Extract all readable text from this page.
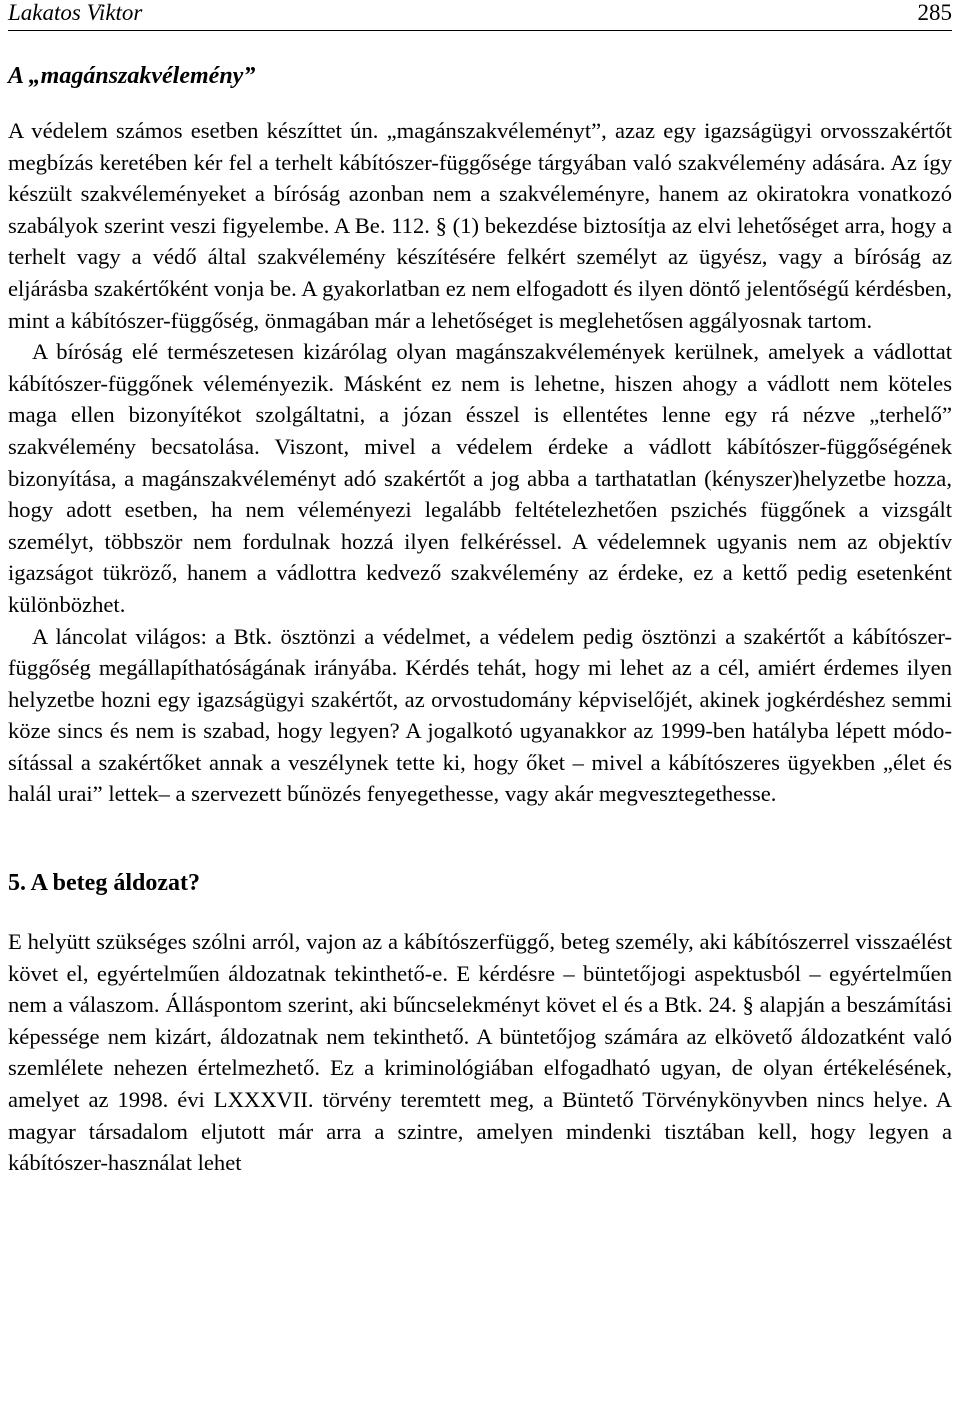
Lakatos Viktor	285
A „magánszakvélemény”

A védelem számos esetben készíttet ún. „magánszakvéleményt”, azaz egy igazságügyi orvosszakértőt megbízás keretében kér fel a terhelt kábítószer-függősége tárgyában való szakvélemény adására. Az így készült szakvéleményeket a bíróság azonban nem a szakvéleményre, hanem az okiratokra vonatkozó szabályok szerint veszi figyelembe. A Be. 112. § (1) bekezdése biztosítja az elvi lehetőséget arra, hogy a terhelt vagy a védő által szakvélemény készítésére felkért személyt az ügyész, vagy a bíróság az eljárásba szakértőként vonja be. A gyakorlatban ez nem elfogadott és ilyen döntő jelentőségű kérdésben, mint a kábítószer-függőség, önmagában már a lehetőséget is meglehetősen aggályosnak tartom.

A bíróság elé természetesen kizárólag olyan magánszakvélemények kerülnek, amelyek a vádlottat kábítószer-függőnek véleményezik. Másként ez nem is lehetne, hiszen ahogy a vádlott nem köteles maga ellen bizonyítékot szolgáltatni, a józan ésszel is ellentétes lenne egy rá nézve „terhelő” szakvélemény becsatolása. Viszont, mivel a védelem érdeke a vádlott kábítószer-függőségének bizonyítása, a magánszakvéleményt adó szakértőt a jog abba a tarthatatlan (kényszer)helyzetbe hozza, hogy adott esetben, ha nem véleményezi legalább feltételezhetően pszichés függőnek a vizsgált személyt, többször nem fordulnak hozzá ilyen felkéréssel. A védelemnek ugyanis nem az objektív igazságot tükröző, hanem a vádlottra kedvező szakvélemény az érdeke, ez a kettő pedig esetenként különbözhet.

A láncolat világos: a Btk. ösztönzi a védelmet, a védelem pedig ösztönzi a szakértőt a kábítószer-függőség megállapíthatóságának irányába. Kérdés tehát, hogy mi lehet az a cél, amiért érdemes ilyen helyzetbe hozni egy igazságügyi szakértőt, az orvostudomány képviselőjét, akinek jogkérdéshez semmi köze sincs és nem is szabad, hogy legyen? A jogalkotó ugyanakkor az 1999-ben hatályba lépett módosítással a szakértőket annak a veszélynek tette ki, hogy őket – mivel a kábítószeres ügyekben „élet és halál urai” lettek– a szervezett bűnözés fenyegethesse, vagy akár megvesztegethesse.

5. A beteg áldozat?

E helyütt szükséges szólni arról, vajon az a kábítószerfüggő, beteg személy, aki kábítószerrel visszaélést követ el, egyértelműen áldozatnak tekinthető-e. E kérdésre – büntetőjogi aspektusból – egyértelműen nem a válaszom. Álláspontom szerint, aki bűncselekményt követ el és a Btk. 24. § alapján a beszámítási képessége nem kizárt, áldozatnak nem tekinthető. A büntetőjog számára az elkövető áldozatként való szemlélete nehezen értelmezhető. Ez a kriminológiában elfogadható ugyan, de olyan értékelésének, amelyet az 1998. évi LXXXVII. törvény teremtett meg, a Büntető Törvénykönyvben nincs helye. A magyar társadalom eljutott már arra a szintre, amelyen mindenki tisztában kell, hogy legyen a kábítószer-használat lehet
